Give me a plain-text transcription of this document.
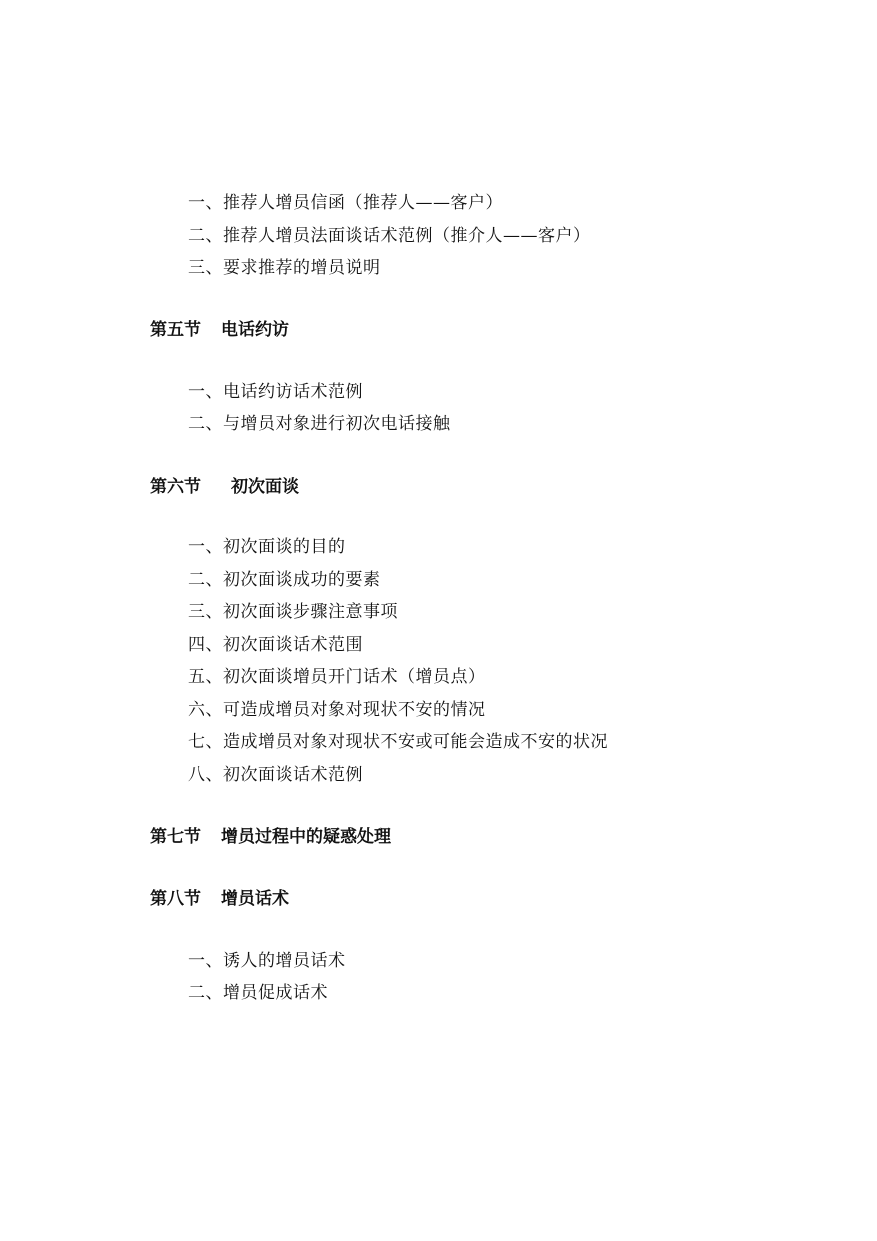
一、推荐人增员信函（推荐人——客户）
二、推荐人增员法面谈话术范例（推介人——客户）
三、要求推荐的增员说明
第五节 电话约访
一、电话约访话术范例
二、与增员对象进行初次电话接触
第六节 初次面谈
一、初次面谈的目的
二、初次面谈成功的要素
三、初次面谈步骤注意事项
四、初次面谈话术范围
五、初次面谈增员开门话术（增员点）
六、可造成增员对象对现状不安的情况
七、造成增员对象对现状不安或可能会造成不安的状况
八、初次面谈话术范例
第七节 增员过程中的疑惑处理
第八节 增员话术
一、诱人的增员话术
二、增员促成话术
